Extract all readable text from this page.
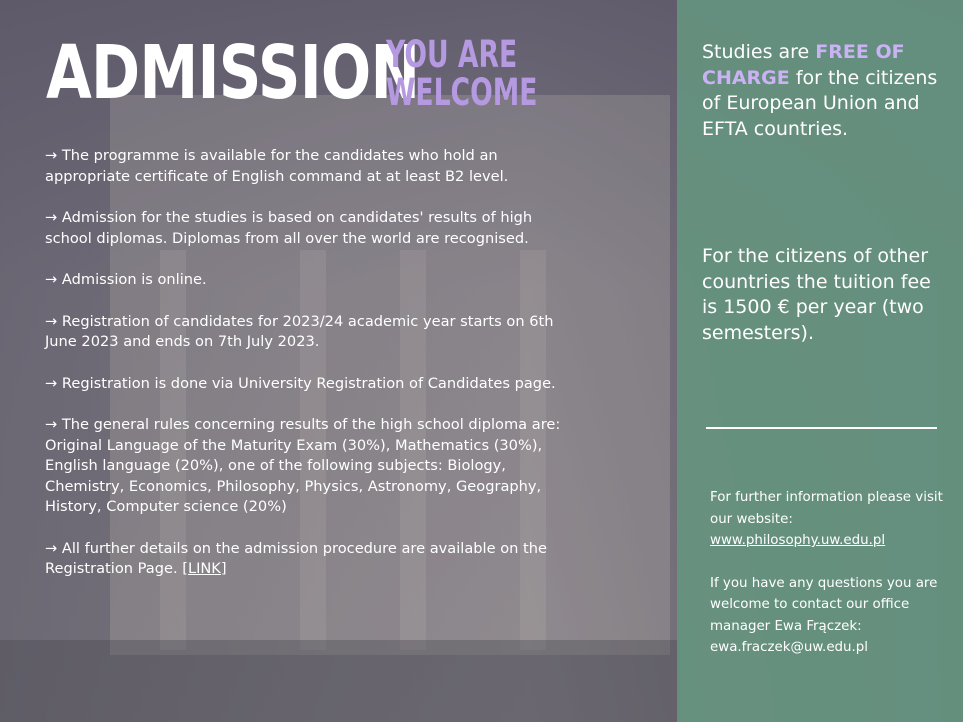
ADMISSION
YOU ARE
WELCOME

→ The programme is available for the candidates who hold an appropriate certificate of English command at at least B2 level.

→ Admission for the studies is based on candidates' results of high school diplomas. Diplomas from all over the world are recognised.

→ Admission is online.

→ Registration of candidates for 2023/24 academic year starts on 6th June 2023 and ends on 7th July 2023.

→ Registration is done via University Registration of Candidates page.

→ The general rules concerning results of the high school diploma are: Original Language of the Maturity Exam (30%), Mathematics (30%), English language (20%), one of the following subjects: Biology, Chemistry, Economics, Philosophy, Physics, Astronomy, Geography, History, Computer science (20%)

→ All further details on the admission procedure are available on the Registration Page. [LINK]

Studies are FREE OF CHARGE for the citizens of European Union and EFTA countries.
For the citizens of other countries the tuition fee is 1500 € per year (two semesters).

For further information please visit our website: www.philosophy.uw.edu.pl

If you have any questions you are welcome to contact our office manager Ewa Frączek: ewa.fraczek@uw.edu.pl
